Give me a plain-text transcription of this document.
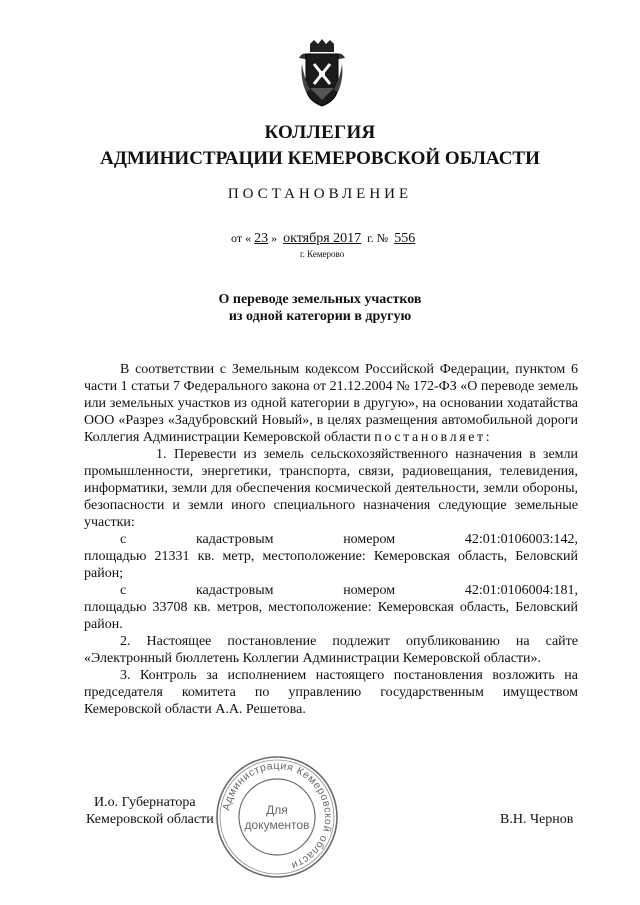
КОЛЛЕГИЯ
АДМИНИСТРАЦИИ КЕМЕРОВСКОЙ ОБЛАСТИ
ПОСТАНОВЛЕНИЕ
от « 23 » октября 2017 г. № 556
г. Кемерово
О переводе земельных участков
из одной категории в другую

В соответствии с Земельным кодексом Российской Федерации, пунктом 6 части 1 статьи 7 Федерального закона от 21.12.2004 № 172-ФЗ «О переводе земель или земельных участков из одной категории в другую», на основании ходатайства ООО «Разрез «Задубровский Новый», в целях размещения автомобильной дороги Коллегия Администрации Кемеровской области постановляет:

1. Перевести из земель сельскохозяйственного назначения в земли промышленности, энергетики, транспорта, связи, радиовещания, телевидения, информатики, земли для обеспечения космической деятельности, земли обороны, безопасности и земли иного специального назначения следующие земельные участки:

с	кадастровым	номером	42:01:0106003:142,

площадью 21331 кв. метр, местоположение: Кемеровская область, Беловский район;

с	кадастровым	номером	42:01:0106004:181,

площадью 33708 кв. метров, местоположение: Кемеровская область, Беловский район.

2. Настоящее постановление подлежит опубликованию на сайте «Электронный бюллетень Коллегии Администрации Кемеровской области».

3. Контроль за исполнением настоящего постановления возложить на председателя комитета по управлению государственным имуществом Кемеровской области А.А. Решетова.

И.о. Губернатора
Кемеровской области	В.Н. Чернов
Администрация Кемеровской области
Для
документов
